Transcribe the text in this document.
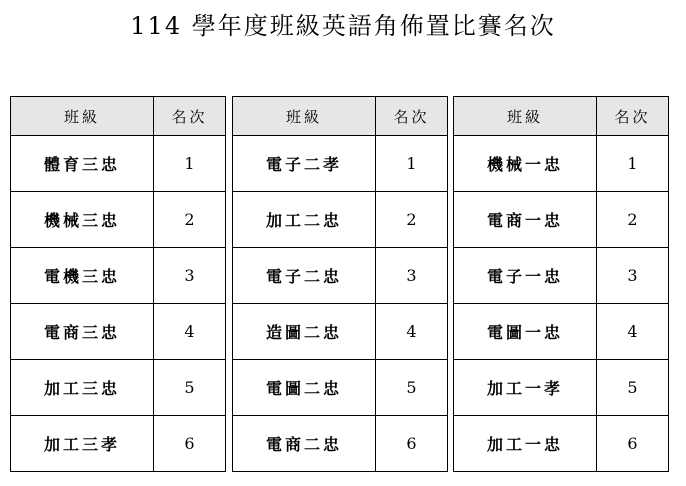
114 學年度班級英語角佈置比賽名次
班級	名次
體育三忠	1
機械三忠	2
電機三忠	3
電商三忠	4
加工三忠	5
加工三孝	6
班級	名次
電子二孝	1
加工二忠	2
電子二忠	3
造圖二忠	4
電圖二忠	5
電商二忠	6
班級	名次
機械一忠	1
電商一忠	2
電子一忠	3
電圖一忠	4
加工一孝	5
加工一忠	6
